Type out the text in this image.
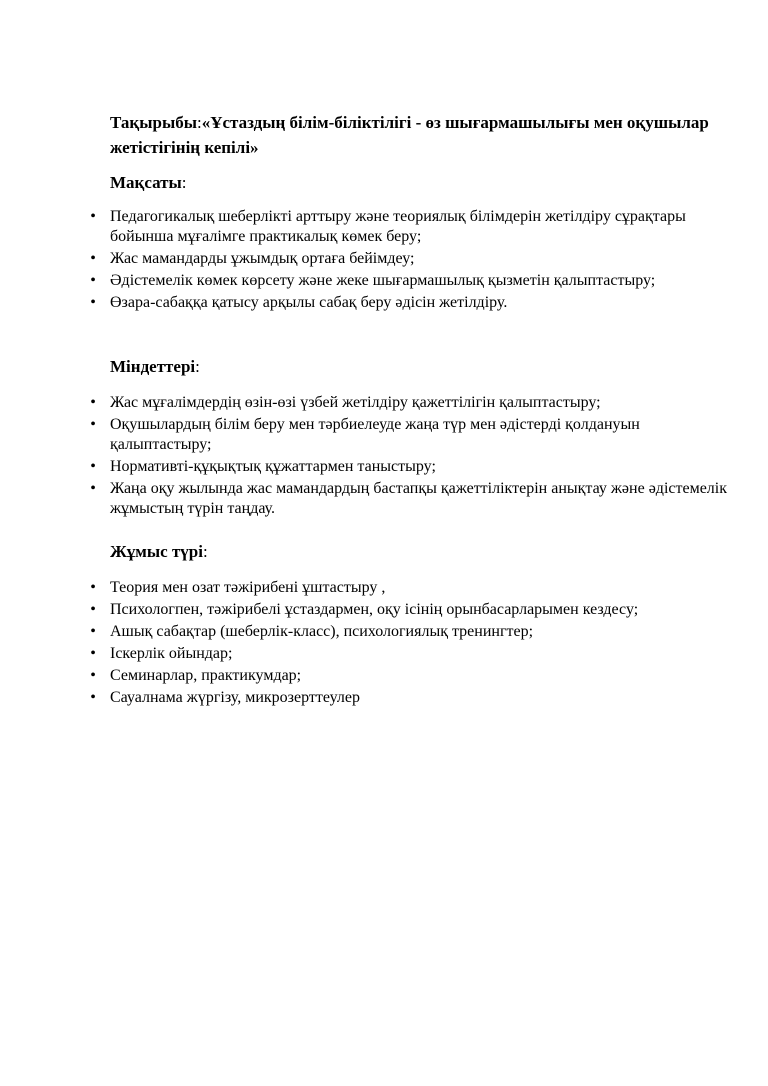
Тақырыбы:«Ұстаздың білім-біліктілігі - өз шығармашылығы мен оқушылар жетістігінің кепілі»

Мақсаты:

• Педагогикалық шеберлікті арттыру және теориялық білімдерін жетілдіру сұрақтары бойынша мұғалімге практикалық көмек беру;
• Жас мамандарды ұжымдық ортаға бейімдеу;
• Әдістемелік көмек көрсету және жеке шығармашылық қызметін қалыптастыру;
• Өзара-сабаққа қатысу арқылы сабақ беру әдісін жетілдіру.

Міндеттері:

• Жас мұғалімдердің өзін-өзі үзбей жетілдіру қажеттілігін қалыптастыру;
• Оқушылардың білім беру мен тәрбиелеуде жаңа түр мен әдістерді қолдануын қалыптастыру;
• Нормативті-құқықтық құжаттармен таныстыру;
• Жаңа оқу жылында жас мамандардың бастапқы қажеттіліктерін анықтау және әдістемелік жұмыстың түрін таңдау.

Жұмыс түрі:

• Теория мен озат тәжірибені ұштастыру ,
• Психологпен, тәжірибелі ұстаздармен, оқу ісінің орынбасарларымен кездесу;
• Ашық сабақтар (шеберлік-класс), психологиялық тренингтер;
• Іскерлік ойындар;
• Семинарлар, практикумдар;
• Сауалнама жүргізу, микрозерттеулер
